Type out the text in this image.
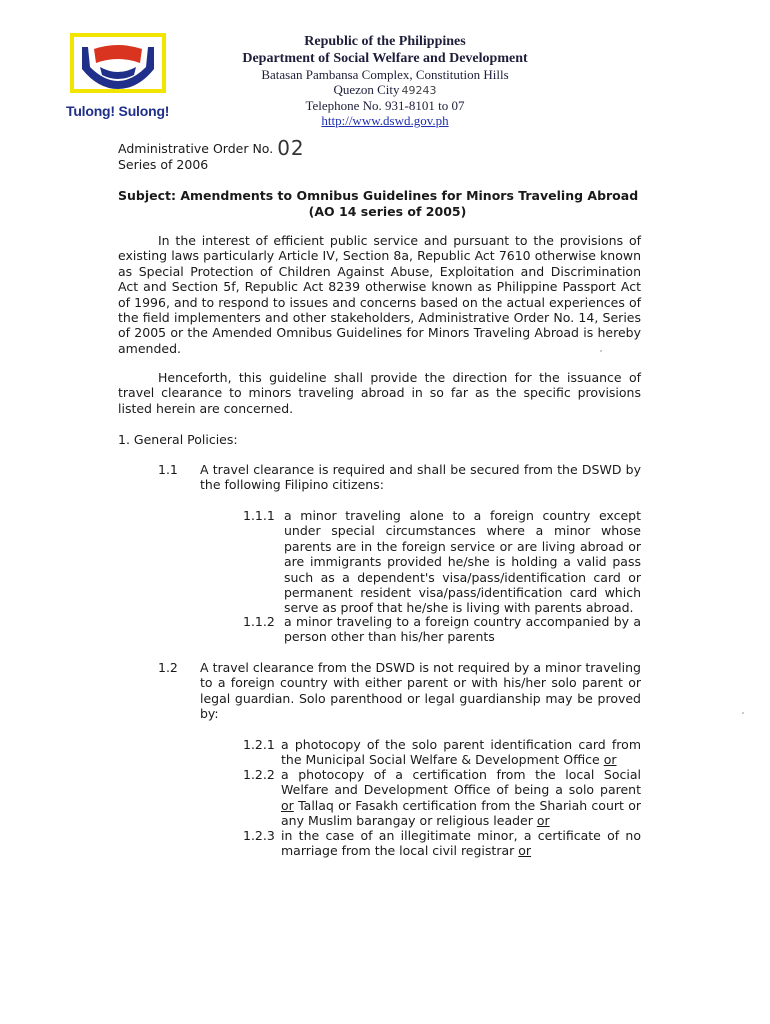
Tulong! Sulong!
Republic of the Philippines
Department of Social Welfare and Development
Batasan Pambansa Complex, Constitution Hills
Quezon City 49243
Telephone No. 931-8101 to 07
http://www.dswd.gov.ph
Administrative Order No. 02
Series of 2006
Subject: Amendments to Omnibus Guidelines for Minors Traveling Abroad
(AO 14 series of 2005)
In the interest of efficient public service and pursuant to the provisions of existing laws particularly Article IV, Section 8a, Republic Act 7610 otherwise known as Special Protection of Children Against Abuse, Exploitation and Discrimination Act and Section 5f, Republic Act 8239 otherwise known as Philippine Passport Act of 1996, and to respond to issues and concerns based on the actual experiences of the field implementers and other stakeholders, Administrative Order No. 14, Series of 2005 or the Amended Omnibus Guidelines for Minors Traveling Abroad is hereby amended.
Henceforth, this guideline shall provide the direction for the issuance of travel clearance to minors traveling abroad in so far as the specific provisions listed herein are concerned.
1. General Policies:
1.1 A travel clearance is required and shall be secured from the DSWD by the following Filipino citizens:
1.1.1 a minor traveling alone to a foreign country except under special circumstances where a minor whose parents are in the foreign service or are living abroad or are immigrants provided he/she is holding a valid pass such as a dependent's visa/pass/identification card or permanent resident visa/pass/identification card which serve as proof that he/she is living with parents abroad.
1.1.2 a minor traveling to a foreign country accompanied by a person other than his/her parents
1.2 A travel clearance from the DSWD is not required by a minor traveling to a foreign country with either parent or with his/her solo parent or legal guardian. Solo parenthood or legal guardianship may be proved by:
1.2.1 a photocopy of the solo parent identification card from the Municipal Social Welfare & Development Office or
1.2.2 a photocopy of a certification from the local Social Welfare and Development Office of being a solo parent or Tallaq or Fasakh certification from the Shariah court or any Muslim barangay or religious leader or
1.2.3 in the case of an illegitimate minor, a certificate of no marriage from the local civil registrar or
